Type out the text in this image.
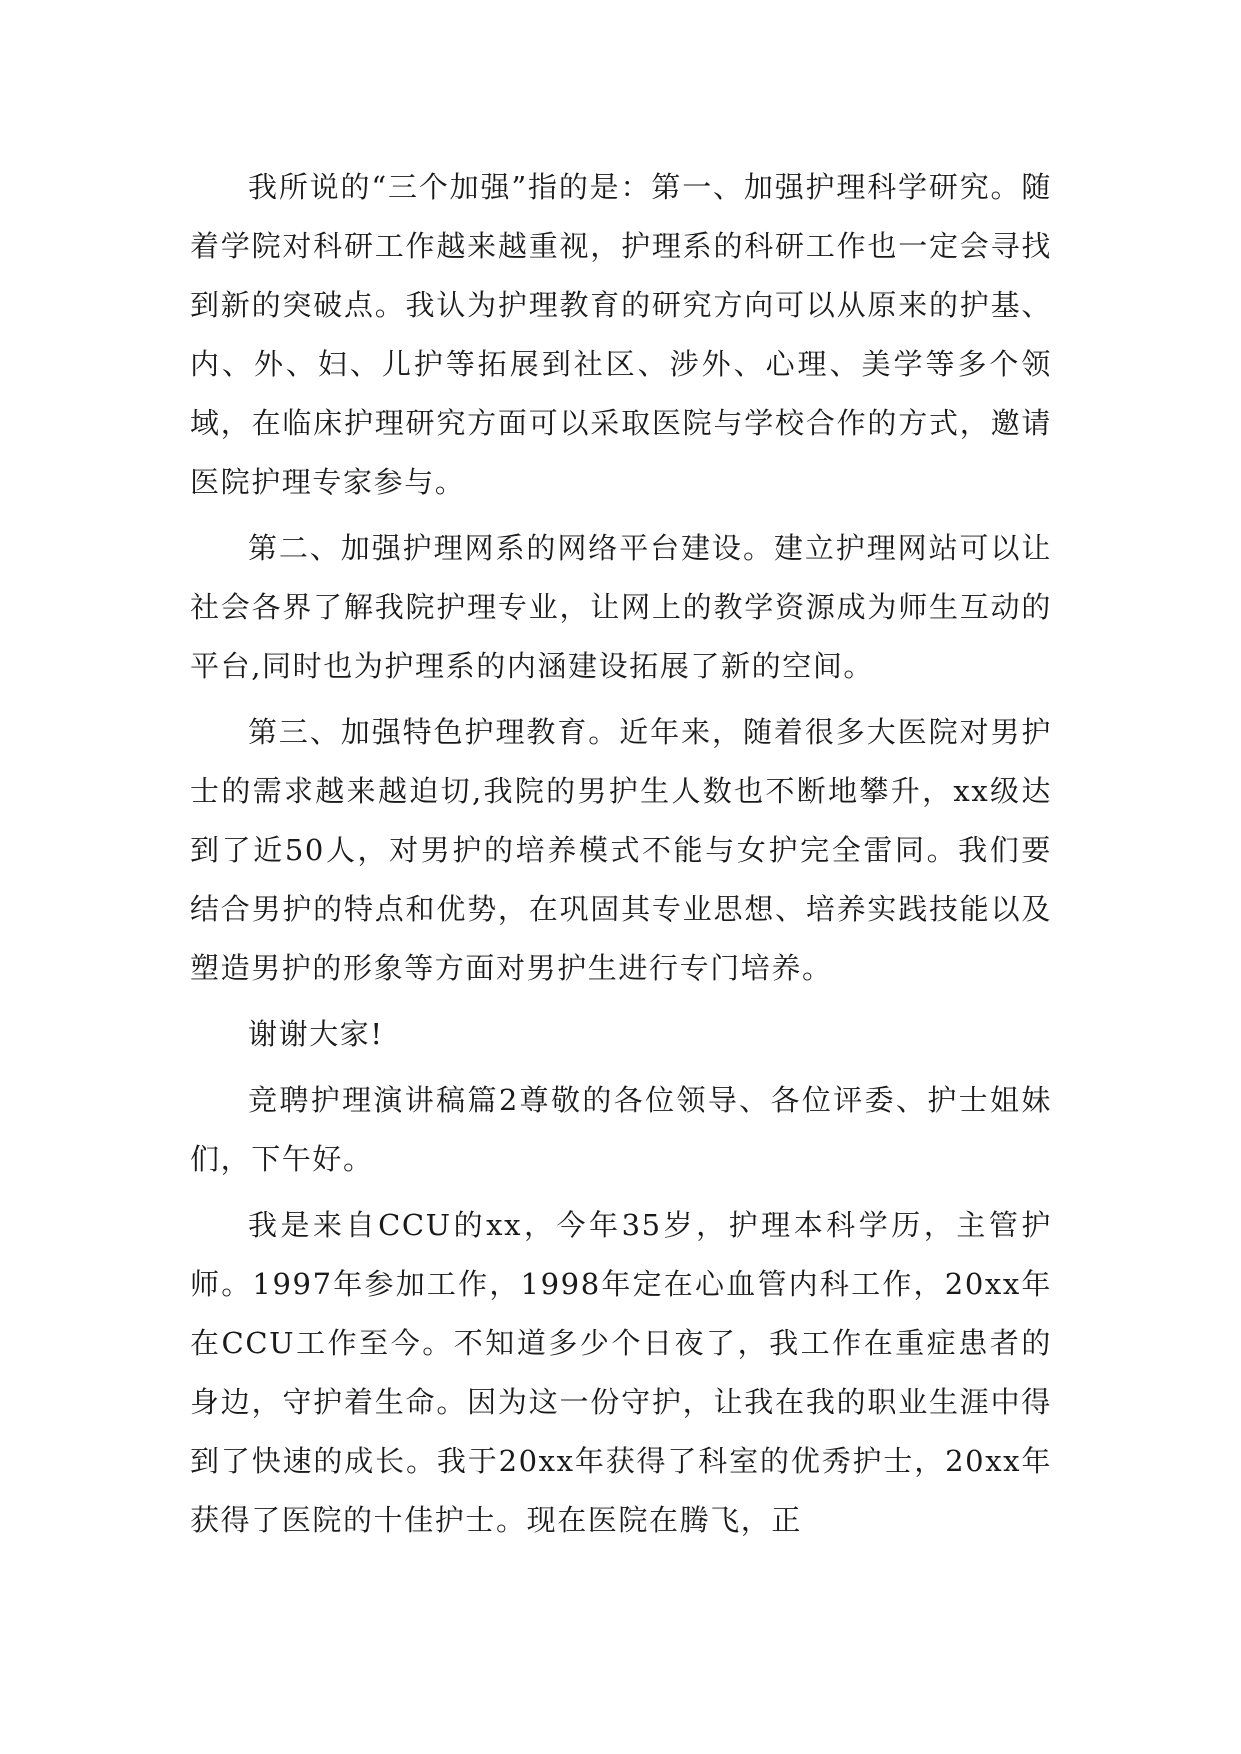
我所说的“三个加强”指的是：第一、加强护理科学研究。随着学院对科研工作越来越重视，护理系的科研工作也一定会寻找到新的突破点。我认为护理教育的研究方向可以从原来的护基、内、外、妇、儿护等拓展到社区、涉外、心理、美学等多个领域，在临床护理研究方面可以采取医院与学校合作的方式，邀请医院护理专家参与。

第二、加强护理网系的网络平台建设。建立护理网站可以让社会各界了解我院护理专业，让网上的教学资源成为师生互动的平台,同时也为护理系的内涵建设拓展了新的空间。

第三、加强特色护理教育。近年来，随着很多大医院对男护士的需求越来越迫切,我院的男护生人数也不断地攀升，xx级达到了近50人，对男护的培养模式不能与女护完全雷同。我们要结合男护的特点和优势，在巩固其专业思想、培养实践技能以及塑造男护的形象等方面对男护生进行专门培养。

谢谢大家!

竞聘护理演讲稿篇2尊敬的各位领导、各位评委、护士姐妹们，下午好。

我是来自CCU的xx，今年35岁，护理本科学历，主管护师。1997年参加工作，1998年定在心血管内科工作，20xx年在CCU工作至今。不知道多少个日夜了，我工作在重症患者的身边，守护着生命。因为这一份守护，让我在我的职业生涯中得到了快速的成长。我于20xx年获得了科室的优秀护士，20xx年获得了医院的十佳护士。现在医院在腾飞，正
